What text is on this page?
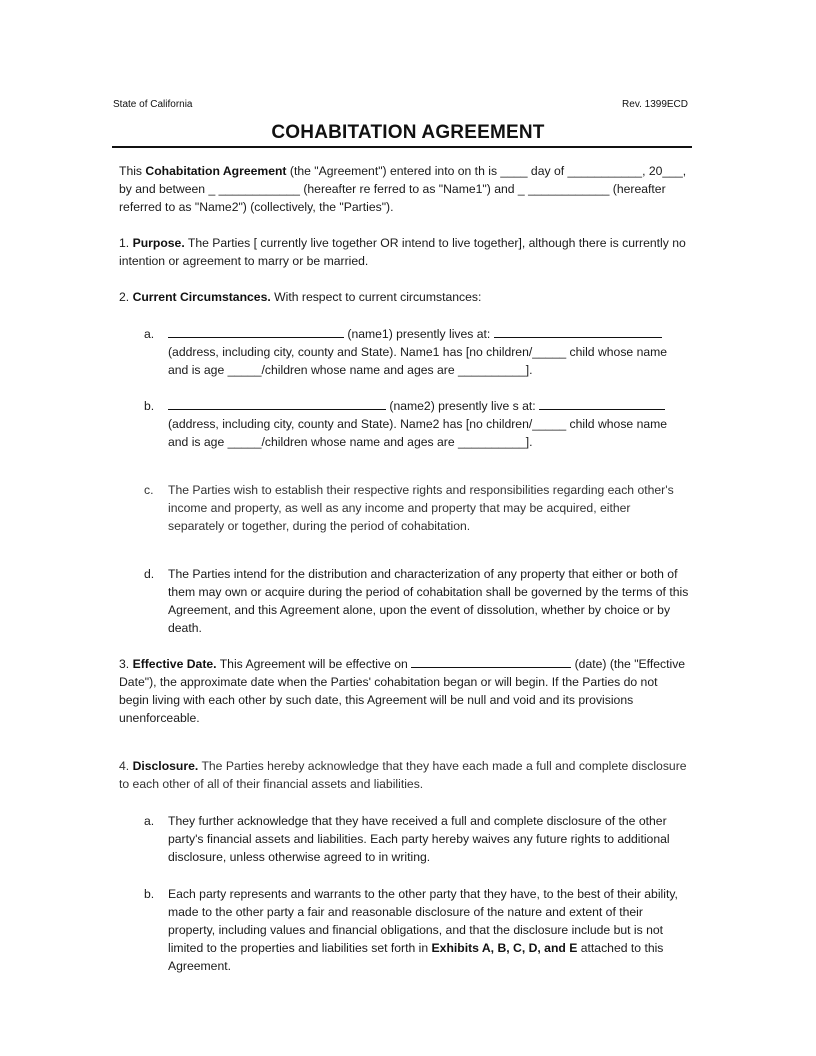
State of California	Rev. 1399ECD
COHABITATION AGREEMENT

This Cohabitation Agreement (the "Agreement") entered into on th is ____ day of ___________, 20___, by and between _ ____________ (hereafter re ferred to as "Name1") and _ ____________ (hereafter referred to as "Name2") (collectively, the "Parties").

1. Purpose. The Parties [ currently live together OR intend to live together], although there is currently no intention or agreement to marry or be married.

2. Current Circumstances. With respect to current circumstances:

a.	(name1) presently lives at:  (address, including city, county and State). Name1 has [no children/_____ child whose name and is age _____/children whose name and ages are __________].
b.	(name2) presently live s at:  (address, including city, county and State). Name2 has [no children/_____ child whose name and is age _____/children whose name and ages are __________].
c. The Parties wish to establish their respective rights and responsibilities regarding each other's income and property, as well as any income and property that may be acquired, either separately or together, during the period of cohabitation.
d. The Parties intend for the distribution and characterization of any property that either or both of them may own or acquire during the period of cohabitation shall be governed by the terms of this Agreement, and this Agreement alone, upon the event of dissolution, whether by choice or by death.

3. Effective Date. This Agreement will be effective on	(date) (the "Effective Date"), the approximate date when the Parties' cohabitation began or will begin. If the Parties do not begin living with each other by such date, this Agreement will be null and void and its provisions unenforceable.

4. Disclosure. The Parties hereby acknowledge that they have each made a full and complete disclosure to each other of all of their financial assets and liabilities.

a. They further acknowledge that they have received a full and complete disclosure of the other party's financial assets and liabilities. Each party hereby waives any future rights to additional disclosure, unless otherwise agreed to in writing.
b. Each party represents and warrants to the other party that they have, to the best of their ability, made to the other party a fair and reasonable disclosure of the nature and extent of their property, including values and financial obligations, and that the disclosure include but is not limited to the properties and liabilities set forth in Exhibits A, B, C, D, and E attached to this Agreement.
